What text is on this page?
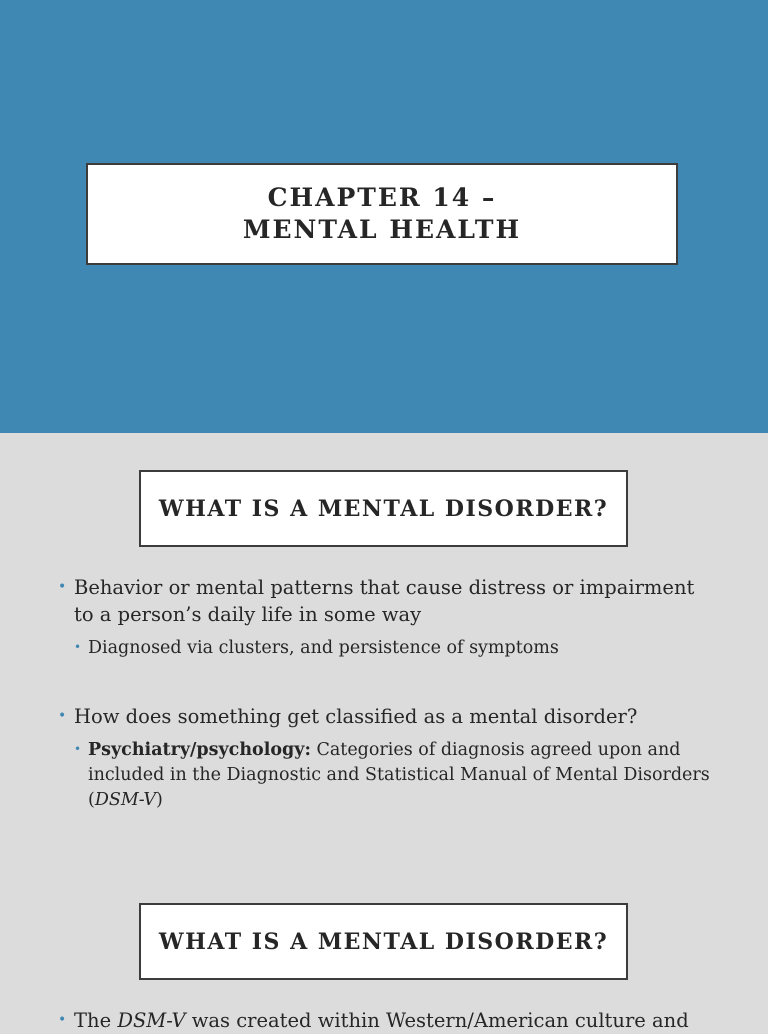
CHAPTER 14 –
MENTAL HEALTH
WHAT IS A MENTAL DISORDER?
• Behavior or mental patterns that cause distress or impairment to a person’s daily life in some way
• Diagnosed via clusters, and persistence of symptoms
• How does something get classified as a mental disorder?
• Psychiatry/psychology: Categories of diagnosis agreed upon and included in the Diagnostic and Statistical Manual of Mental Disorders (DSM-V)
WHAT IS A MENTAL DISORDER?
• The DSM-V was created within Western/American culture and
